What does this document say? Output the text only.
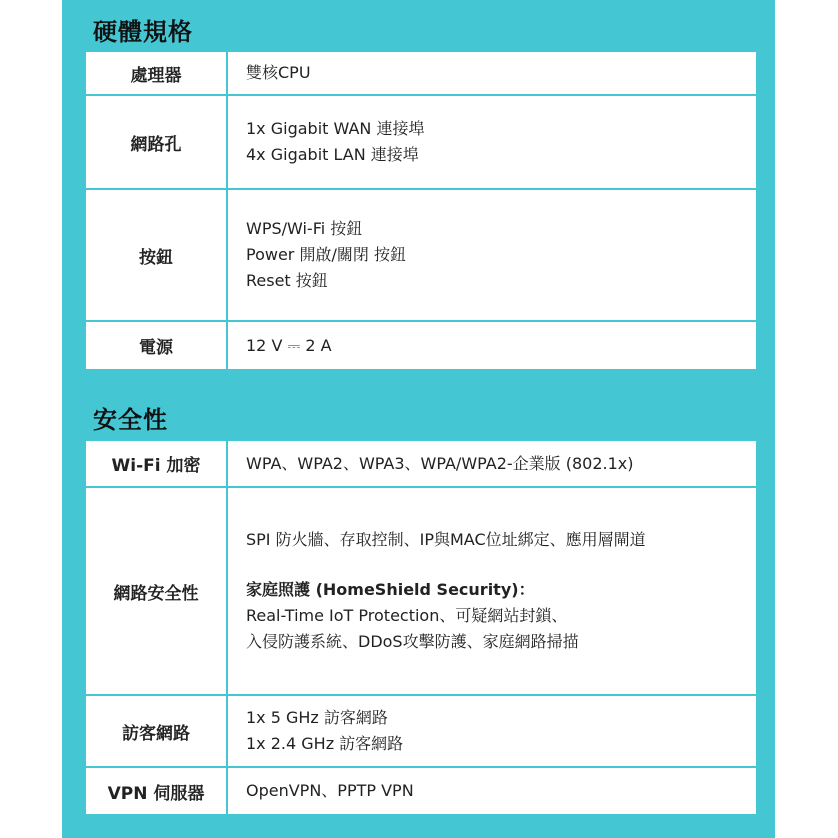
硬體規格
處理器	雙核CPU

網路孔	1x Gigabit WAN 連接埠
4x Gigabit LAN 連接埠

按鈕	WPS/Wi-Fi 按鈕
Power 開啟/關閉 按鈕
Reset 按鈕

電源	12 V ⎓ 2 A
安全性
Wi-Fi 加密	WPA、WPA2、WPA3、WPA/WPA2-企業版 (802.1x)

網路安全性	SPI 防火牆、存取控制、IP與MAC位址綁定、應用層閘道
家庭照護 (HomeShield Security)：
Real-Time IoT Protection、可疑網站封鎖、
入侵防護系統、DDoS攻擊防護、家庭網路掃描

訪客網路	1x 5 GHz 訪客網路
1x 2.4 GHz 訪客網路

VPN 伺服器	OpenVPN、PPTP VPN
